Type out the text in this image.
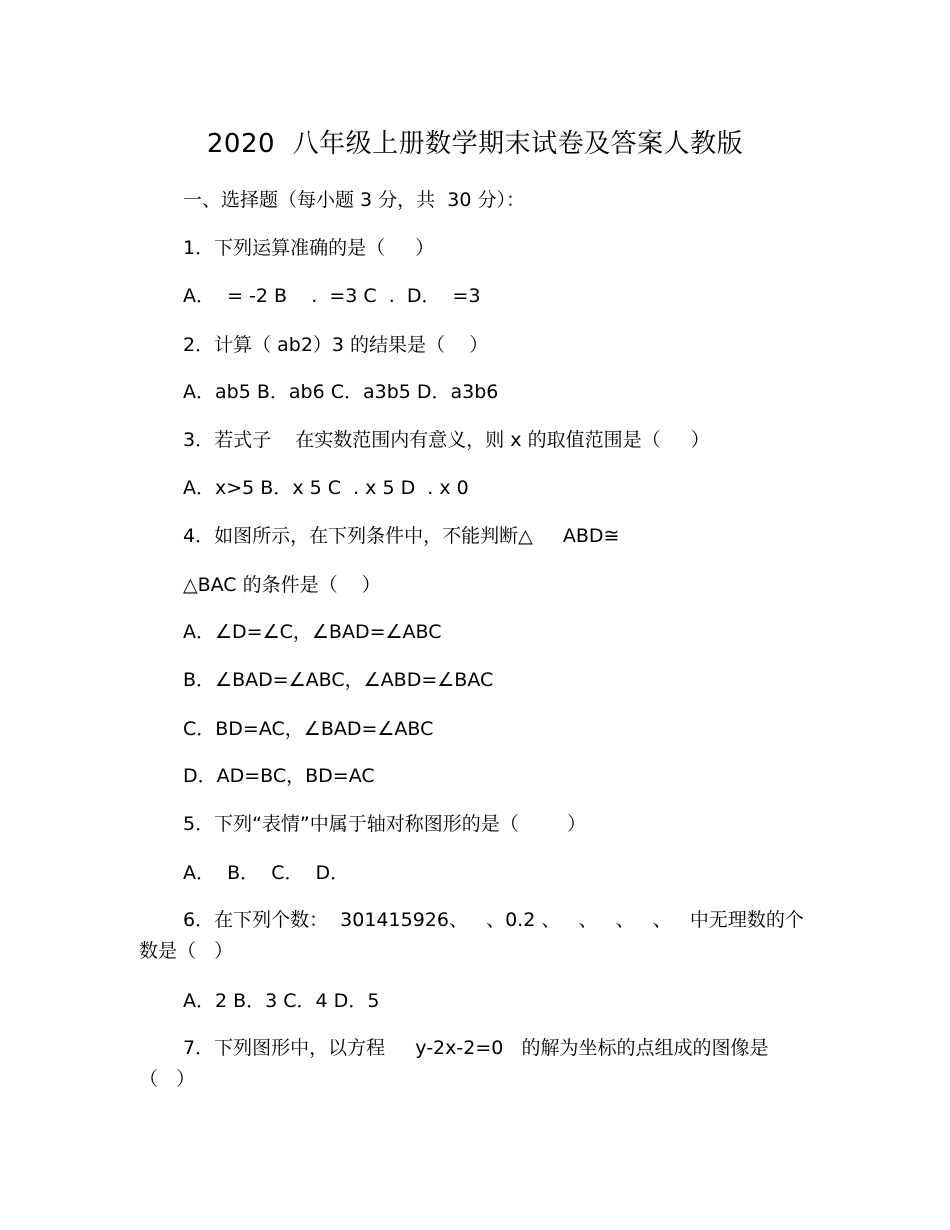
2020  八年级上册数学期末试卷及答案人教版
一、选择题（每小题 3 分，共  30 分）：
1．下列运算准确的是（     ）
A．  = -2 B    .  =3 C  .  D．  =3
2．计算（ ab2）3 的结果是（    ）
A．ab5 B．ab6 C．a3b5 D．a3b6
3．若式子    在实数范围内有意义，则 x 的取值范围是（     ）
A．x>5 B．x 5 C  . x 5 D  . x 0
4．如图所示，在下列条件中，不能判断△     ABD≅
△BAC 的条件是（    ）
A．∠D=∠C，∠BAD=∠ABC
B．∠BAD=∠ABC，∠ABD=∠BAC
C．BD=AC，∠BAD=∠ABC
D．AD=BC，BD=AC
5．下列“表情”中属于轴对称图形的是（        ）
A．  B．  C．  D．
6．在下列个数：  301415926、   、0.2 、   、   、   、   中无理数的个
数是（   ）
A．2 B．3 C．4 D．5
7．下列图形中，以方程     y-2x-2=0   的解为坐标的点组成的图像是
（   ）
